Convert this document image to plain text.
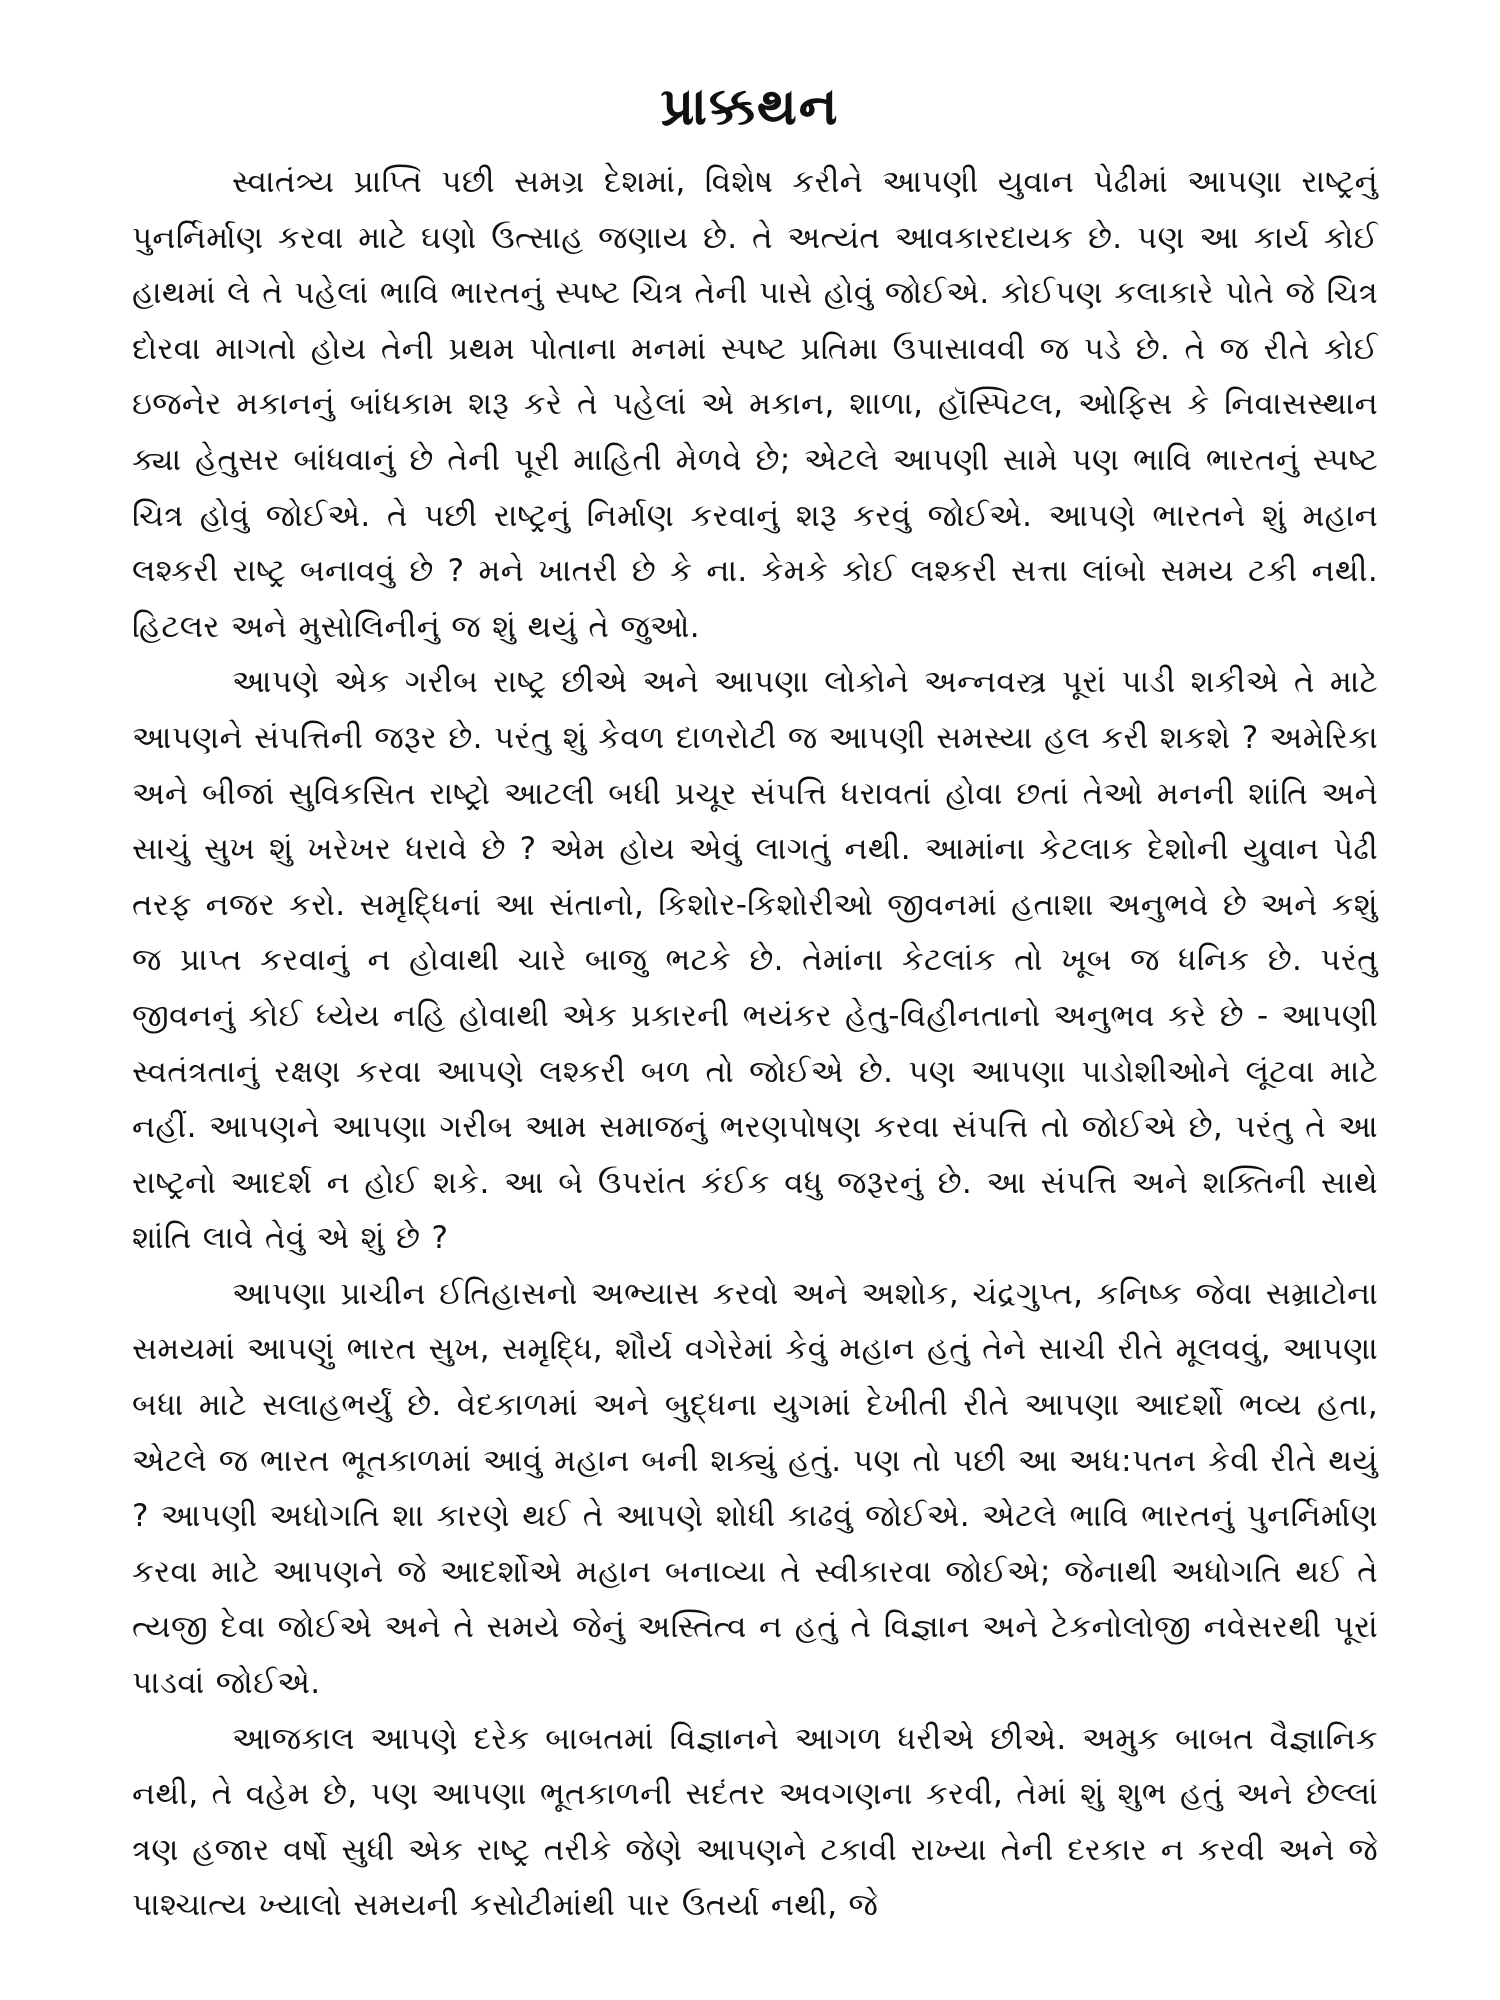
પ્રાક્કથન

સ્વાતંત્ર્ય પ્રાપ્તિ પછી સમગ્ર દેશમાં, વિશેષ કરીને આપણી યુવાન પેઢીમાં આપણા રાષ્ટ્રનું પુનર્નિર્માણ કરવા માટે ઘણો ઉત્સાહ જણાય છે. તે અત્યંત આવકારદાયક છે. પણ આ કાર્ય કોઈ હાથમાં લે તે પહેલાં ભાવિ ભારતનું સ્પષ્ટ ચિત્ર તેની પાસે હોવું જોઈએ. કોઈપણ કલાકારે પોતે જે ચિત્ર દોરવા માગતો હોય તેની પ્રથમ પોતાના મનમાં સ્પષ્ટ પ્રતિમા ઉપાસાવવી જ પડે છે. તે જ રીતે કોઈ ઇજનેર મકાનનું બાંધકામ શરૂ કરે તે પહેલાં એ મકાન, શાળા, હૉસ્પિટલ, ઓફિસ કે નિવાસસ્થાન ક્યા હેતુસર બાંધવાનું છે તેની પૂરી માહિતી મેળવે છે; એટલે આપણી સામે પણ ભાવિ ભારતનું સ્પષ્ટ ચિત્ર હોવું જોઈએ. તે પછી રાષ્ટ્રનું નિર્માણ કરવાનું શરૂ કરવું જોઈએ. આપણે ભારતને શું મહાન લશ્કરી રાષ્ટ્ર બનાવવું છે ? મને ખાતરી છે કે ના. કેમકે કોઈ લશ્કરી સત્તા લાંબો સમય ટકી નથી. હિટલર અને મુસોલિનીનું જ શું થયું તે જુઓ.

આપણે એક ગરીબ રાષ્ટ્ર છીએ અને આપણા લોકોને અન્નવસ્ત્ર પૂરાં પાડી શકીએ તે માટે આપણને સંપત્તિની જરૂર છે. પરંતુ શું કેવળ દાળરોટી જ આપણી સમસ્યા હલ કરી શકશે ? અમેરિકા અને બીજાં સુવિકસિત રાષ્ટ્રો આટલી બધી પ્રચૂર સંપત્તિ ધરાવતાં હોવા છતાં તેઓ મનની શાંતિ અને સાચું સુખ શું ખરેખર ધરાવે છે ? એમ હોય એવું લાગતું નથી. આમાંના કેટલાક દેશોની યુવાન પેઢી તરફ નજર કરો. સમૃદ્ધિનાં આ સંતાનો, કિશોર-કિશોરીઓ જીવનમાં હતાશા અનુભવે છે અને કશું જ પ્રાપ્ત કરવાનું ન હોવાથી ચારે બાજુ ભટકે છે. તેમાંના કેટલાંક તો ખૂબ જ ધનિક છે. પરંતુ જીવનનું કોઈ ધ્યેય નહિ હોવાથી એક પ્રકારની ભયંકર હેતુ-વિહીનતાનો અનુભવ કરે છે - આપણી સ્વતંત્રતાનું રક્ષણ કરવા આપણે લશ્કરી બળ તો જોઈએ છે. પણ આપણા પાડોશીઓને લૂંટવા માટે નહીં. આપણને આપણા ગરીબ આમ સમાજનું ભરણપોષણ કરવા સંપત્તિ તો જોઈએ છે, પરંતુ તે આ રાષ્ટ્રનો આદર્શ ન હોઈ શકે. આ બે ઉપરાંત કંઈક વધુ જરૂરનું છે. આ સંપત્તિ અને શક્તિની સાથે શાંતિ લાવે તેવું એ શું છે ?

આપણા પ્રાચીન ઈતિહાસનો અભ્યાસ કરવો અને અશોક, ચંદ્રગુપ્ત, કનિષ્ક જેવા સમ્રાટોના સમયમાં આપણું ભારત સુખ, સમૃદ્ધિ, શૌર્ય વગેરેમાં કેવું મહાન હતું તેને સાચી રીતે મૂલવવું, આપણા બધા માટે સલાહભર્યું છે. વેદકાળમાં અને બુદ્ધના યુગમાં દેખીતી રીતે આપણા આદર્શો ભવ્ય હતા, એટલે જ ભારત ભૂતકાળમાં આવું મહાન બની શક્યું હતું. પણ તો પછી આ અધ:પતન કેવી રીતે થયું ? આપણી અધોગતિ શા કારણે થઈ તે આપણે શોધી કાઢવું જોઈએ. એટલે ભાવિ ભારતનું પુનર્નિર્માણ કરવા માટે આપણને જે આદર્શોએ મહાન બનાવ્યા તે સ્વીકારવા જોઈએ; જેનાથી અધોગતિ થઈ તે ત્યજી દેવા જોઈએ અને તે સમયે જેનું અસ્તિત્વ ન હતું તે વિજ્ઞાન અને ટેકનોલોજી નવેસરથી પૂરાં પાડવાં જોઈએ.

આજકાલ આપણે દરેક બાબતમાં વિજ્ઞાનને આગળ ધરીએ છીએ. અમુક બાબત વૈજ્ઞાનિક નથી, તે વહેમ છે, પણ આપણા ભૂતકાળની સદંતર અવગણના કરવી, તેમાં શું શુભ હતું અને છેલ્લાં ત્રણ હજાર વર્ષો સુધી એક રાષ્ટ્ર તરીકે જેણે આપણને ટકાવી રાખ્યા તેની દરકાર ન કરવી અને જે પાશ્ચાત્ય ખ્યાલો સમયની કસોટીમાંથી પાર ઉતર્યા નથી, જે
